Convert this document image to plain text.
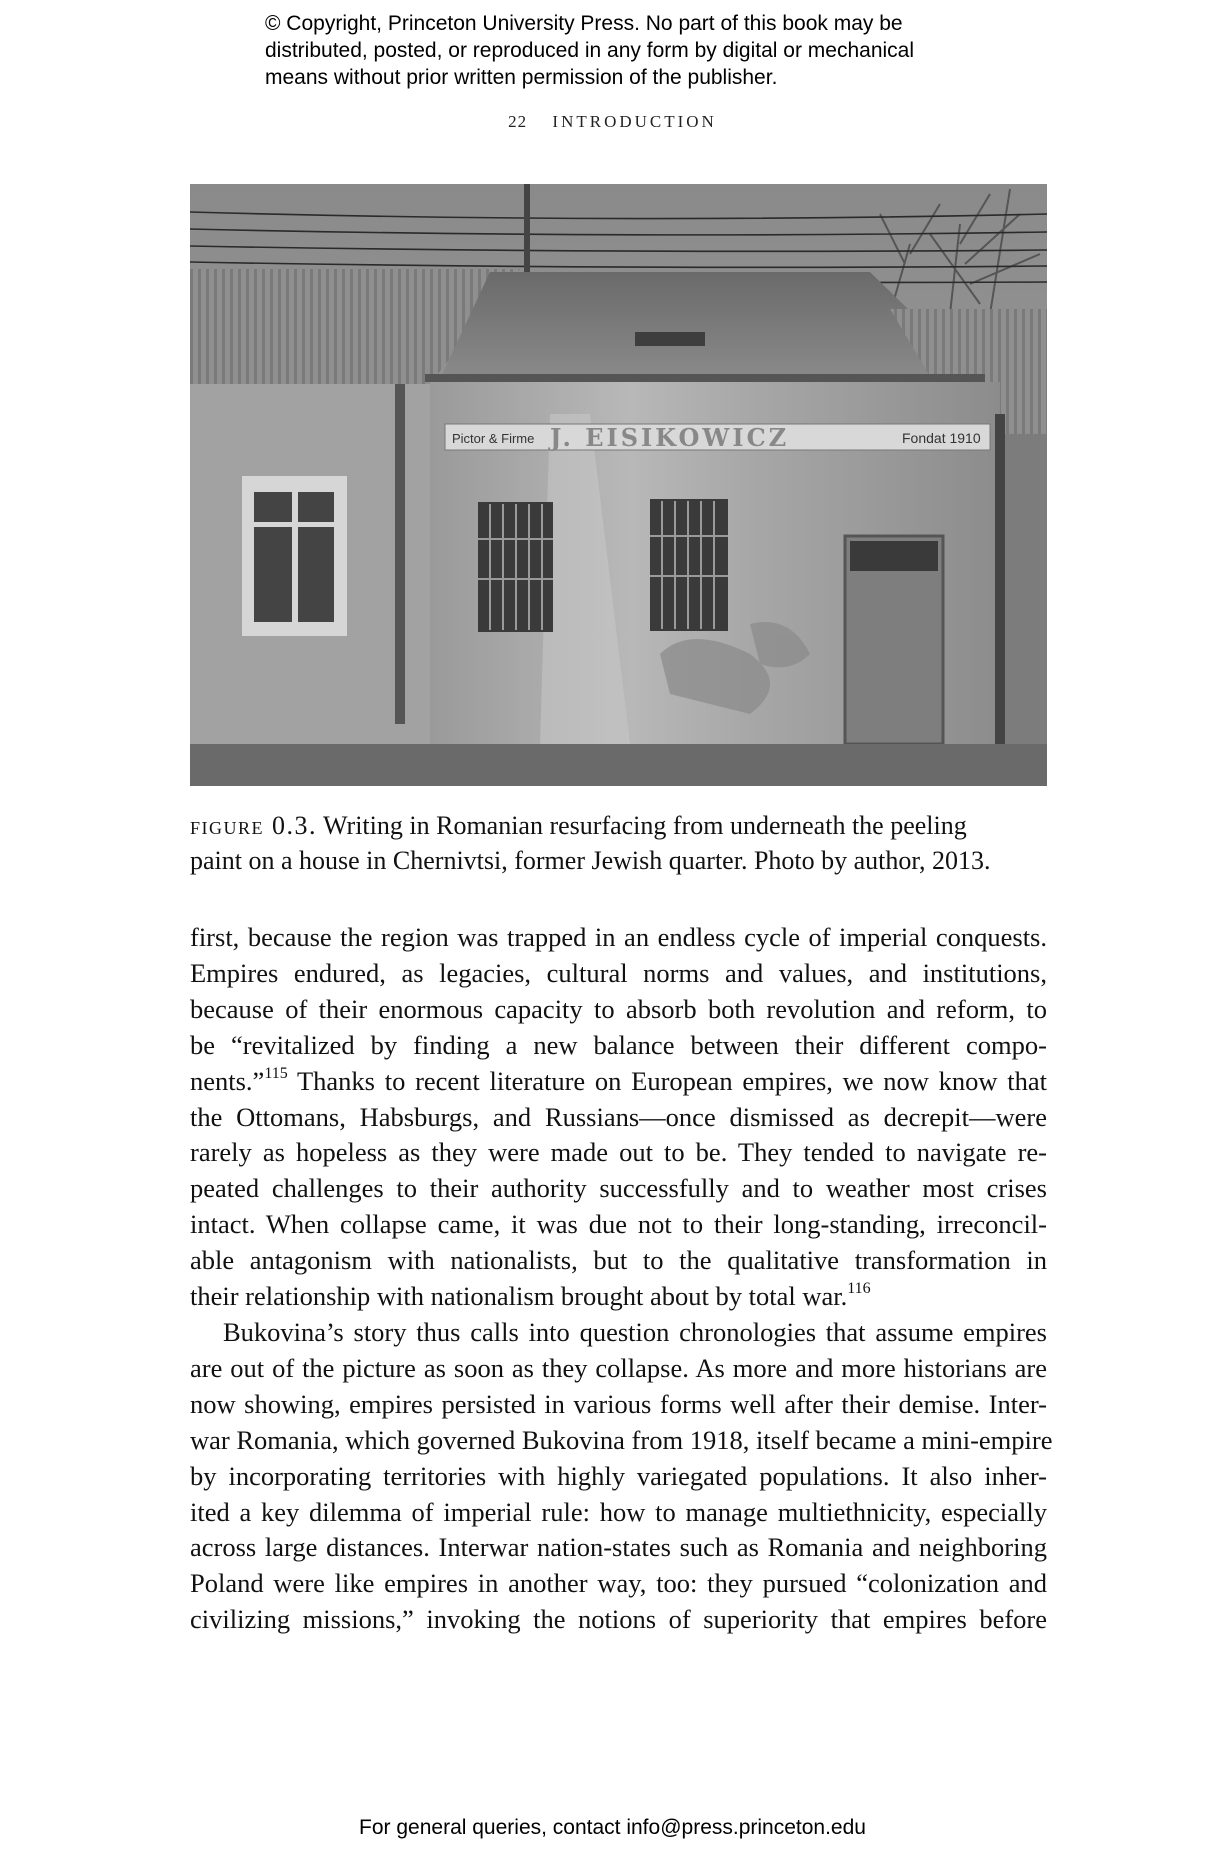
© Copyright, Princeton University Press. No part of this book may be
distributed, posted, or reproduced in any form by digital or mechanical
means without prior written permission of the publisher.
22 INTRODUCTION
Pictor & Firme J. EISIKOWICZ	Fondat 1910
figure 0.3. Writing in Romanian resurfacing from underneath the peeling
paint on a house in Chernivtsi, former Jewish quarter. Photo by author, 2013.
first, because the region was trapped in an endless cycle of imperial conquests.
Empires endured, as legacies, cultural norms and values, and institutions,
because of their enormous capacity to absorb both revolution and reform, to
be “revitalized by finding a new balance between their different compo-
nents.”$^{115}$ Thanks to recent literature on European empires, we now know that
the Ottomans, Habsburgs, and Russians—once dismissed as decrepit—were
rarely as hopeless as they were made out to be. They tended to navigate re-
peated challenges to their authority successfully and to weather most crises
intact. When collapse came, it was due not to their long-standing, irreconcil-
able antagonism with nationalists, but to the qualitative transformation in
their relationship with nationalism brought about by total war.$^{116}$
Bukovina’s story thus calls into question chronologies that assume empires
are out of the picture as soon as they collapse. As more and more historians are
now showing, empires persisted in various forms well after their demise. Inter-
war Romania, which governed Bukovina from 1918, itself became a mini-empire
by incorporating territories with highly variegated populations. It also inher-
ited a key dilemma of imperial rule: how to manage multiethnicity, especially
across large distances. Interwar nation-states such as Romania and neighboring
Poland were like empires in another way, too: they pursued “colonization and
civilizing missions,” invoking the notions of superiority that empires before
For general queries, contact info@press.princeton.edu
